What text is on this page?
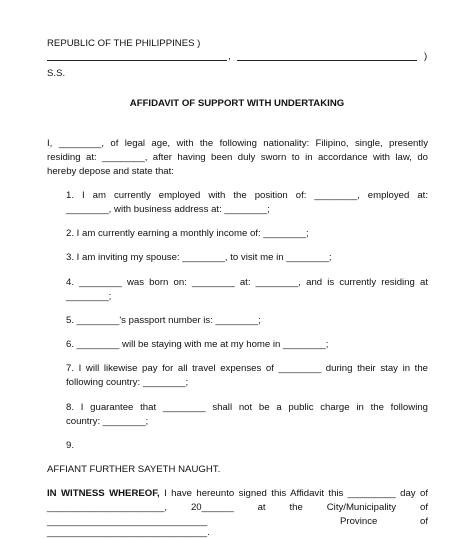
REPUBLIC OF THE PHILIPPINES )
,	)
S.S.
AFFIDAVIT OF SUPPORT WITH UNDERTAKING
I, ________, of legal age, with the following nationality: Filipino, single, presently
residing at: ________, after having been duly sworn to in accordance with law, do
hereby depose and state that:
1. I am currently employed with the position of: ________, employed at:
________, with business address at: ________;
2. I am currently earning a monthly income of: ________;
3. I am inviting my spouse: ________, to visit me in ________;
4. ________ was born on: ________ at: ________, and is currently residing at
________;
5. ________'s passport number is: ________;
6. ________ will be staying with me at my home in ________;
7. I will likewise pay for all travel expenses of ________ during their stay in the
following country: ________;
8. I guarantee that ________ shall not be a public charge in the following
country: ________;
9.
AFFIANT FURTHER SAYETH NAUGHT.
IN WITNESS WHEREOF, I have hereunto signed this Affidavit this _________ day of
______________________, 20______ at the City/Municipality of
______________________________	Province of
______________________________.
